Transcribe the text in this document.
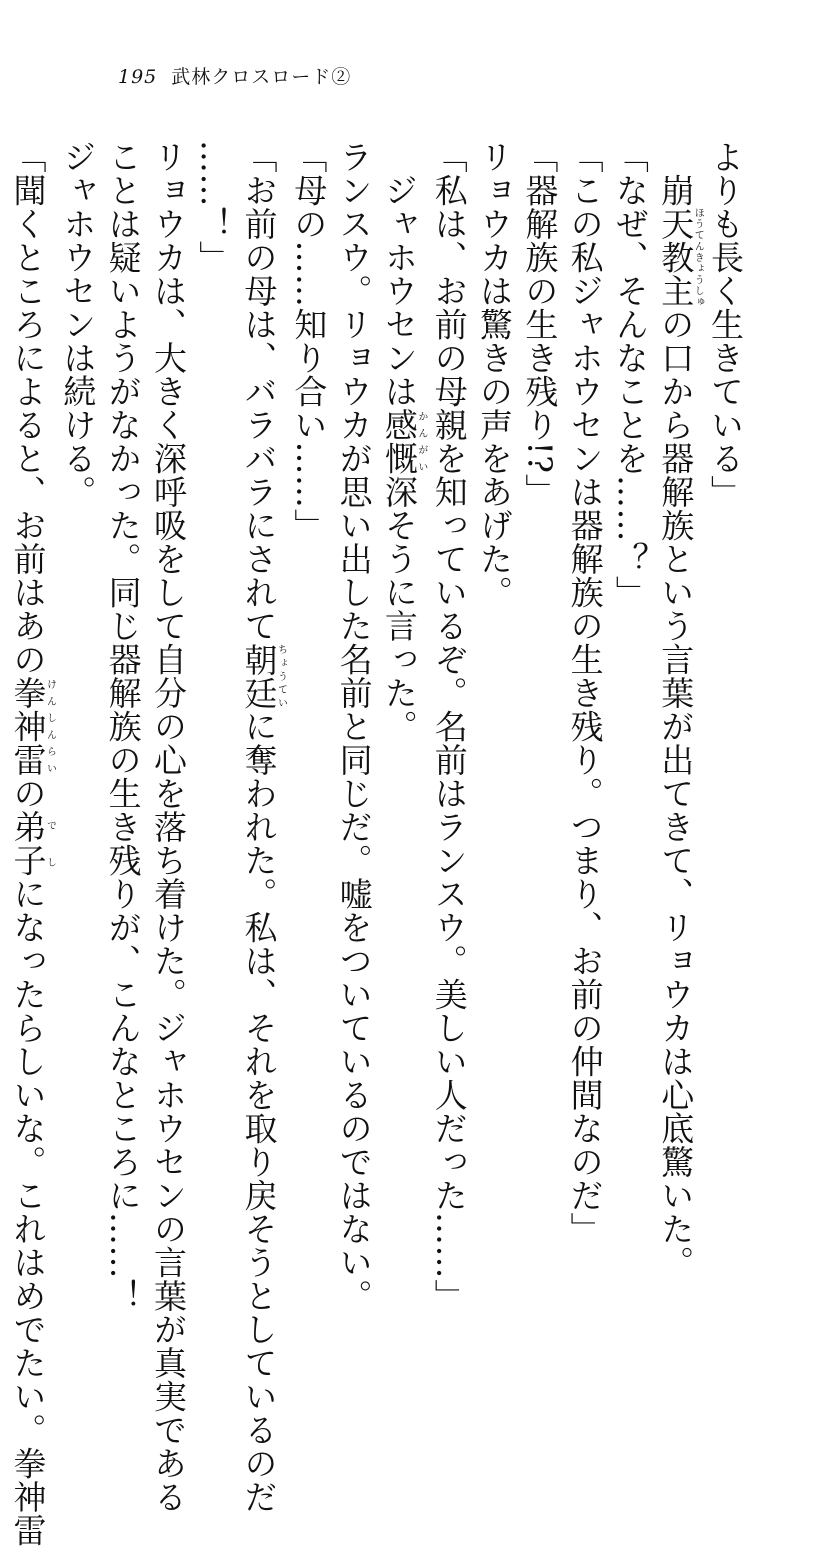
195 武林クロスロード②
よりも長く生きている」
　崩天教主ほうてんきょうしゅの口から器解族という言葉が出てきて、リョウカは心底驚いた。
「なぜ、そんなことを……？」
「この私ジャホウセンは器解族の生き残り。つまり、お前の仲間なのだ」
「器解族の生き残り!?」
リョウカは驚きの声をあげた。
「私は、お前の母親を知っているぞ。名前はランスウ。美しい人だった……」
　ジャホウセンは感慨かんがい深そうに言った。
ランスウ。リョウカが思い出した名前と同じだ。嘘をついているのではない。
「母の……知り合い……」
「お前の母は、バラバラにされて朝廷ちょうていに奪われた。私は、それを取り戻そうとしているのだ
……！」
リョウカは、大きく深呼吸をして自分の心を落ち着けた。ジャホウセンの言葉が真実である
ことは疑いようがなかった。同じ器解族の生き残りが、こんなところに……！
ジャホウセンは続ける。
「聞くところによると、お前はあの拳神雷けんしんらいの弟子でしになったらしいな。これはめでたい。拳神雷
